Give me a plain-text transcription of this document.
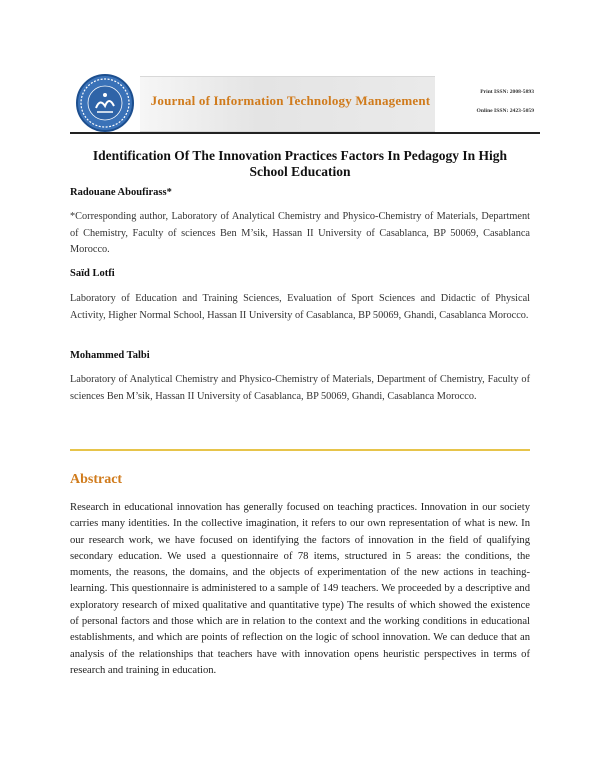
Journal of Information Technology Management
Print ISSN: 2008-5893
Online ISSN: 2423-5059
Identification Of The Innovation Practices Factors In Pedagogy In High School Education
Radouane Aboufirass*
*Corresponding author, Laboratory of Analytical Chemistry and Physico-Chemistry of Materials, Department of Chemistry, Faculty of sciences Ben M’sik, Hassan II University of Casablanca, BP 50069, Casablanca Morocco.
Saïd Lotfi
Laboratory of Education and Training Sciences, Evaluation of Sport Sciences and Didactic of Physical Activity, Higher Normal School, Hassan II University of Casablanca, BP 50069, Ghandi, Casablanca Morocco.
Mohammed Talbi
Laboratory of Analytical Chemistry and Physico-Chemistry of Materials, Department of Chemistry, Faculty of sciences Ben M’sik, Hassan II University of Casablanca, BP 50069, Ghandi, Casablanca Morocco.
Abstract
Research in educational innovation has generally focused on teaching practices. Innovation in our society carries many identities. In the collective imagination, it refers to our own representation of what is new. In our research work, we have focused on identifying the factors of innovation in the field of qualifying secondary education. We used a questionnaire of 78 items, structured in 5 areas: the conditions, the moments, the reasons, the domains, and the objects of experimentation of the new actions in teaching-learning. This questionnaire is administered to a sample of 149 teachers. We proceeded by a descriptive and exploratory research of mixed qualitative and quantitative type) The results of which showed the existence of personal factors and those which are in relation to the context and the working conditions in educational establishments, and which are points of reflection on the logic of school innovation. We can deduce that an analysis of the relationships that teachers have with innovation opens heuristic perspectives in terms of research and training in education.
